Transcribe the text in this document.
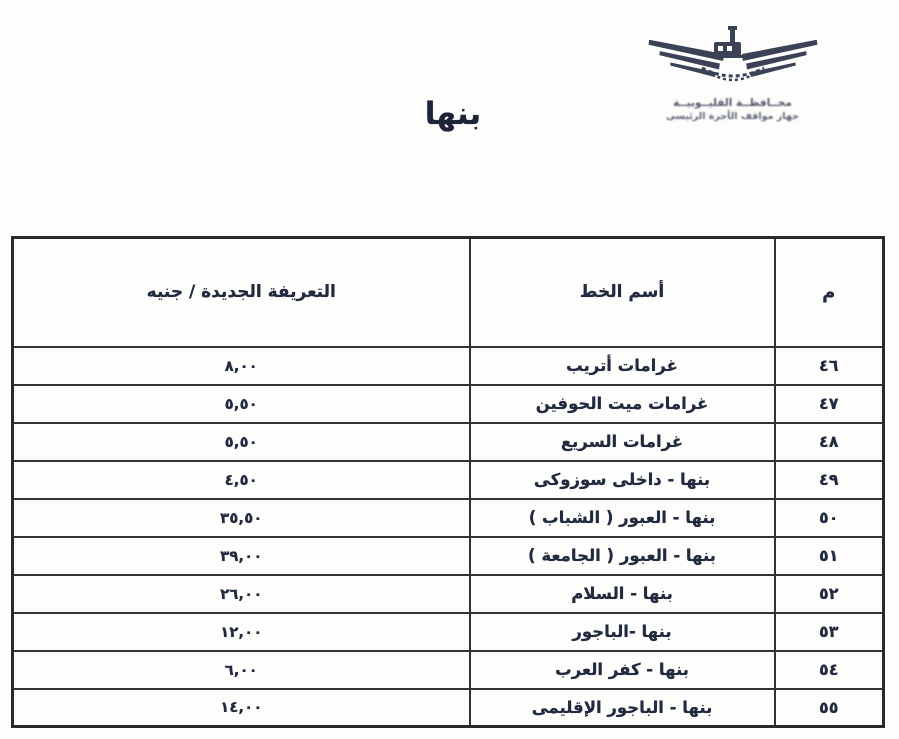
محــافظــة القليــوبيــة
جهاز مواقف الأجرة الرئيسى
بنها
م	أسم الخط	التعريفة الجديدة / جنيه
٤٦	غرامات أتريب	٨,٠٠
٤٧	غرامات ميت الحوفين	٥,٥٠
٤٨	غرامات السريع	٥,٥٠
٤٩	بنها - داخلى سوزوكى	٤,٥٠
٥٠	بنها - العبور ( الشباب )	٣٥,٥٠
٥١	بنها - العبور ( الجامعة )	٣٩,٠٠
٥٢	بنها - السلام	٢٦,٠٠
٥٣	بنها -الباجور	١٢,٠٠
٥٤	بنها - كفر العرب	٦,٠٠
٥٥	بنها - الباجور الإقليمى	١٤,٠٠
